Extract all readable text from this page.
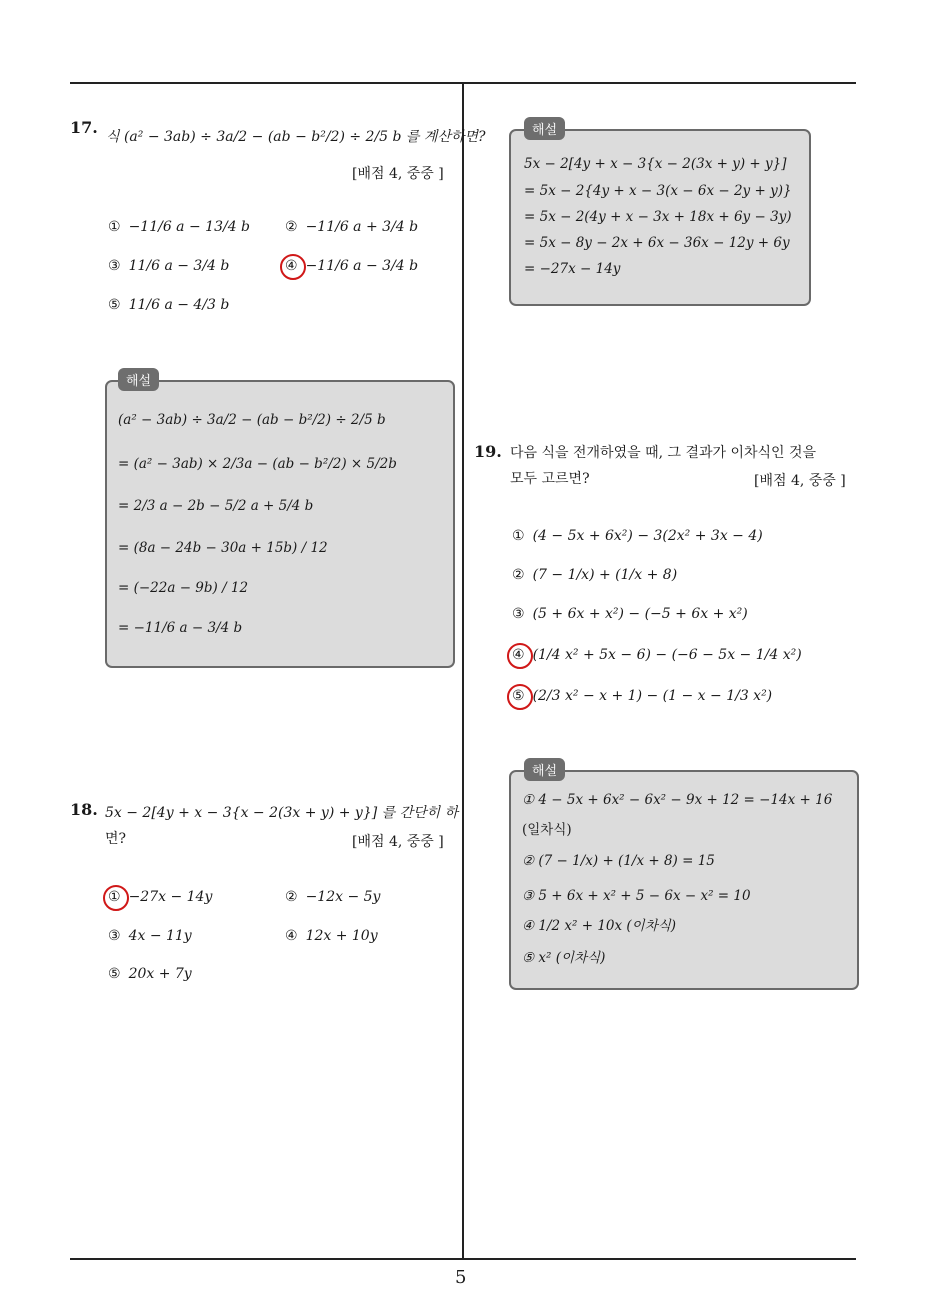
5
17. 식 (a² − 3ab) ÷ 3a/2 − (ab − b²/2) ÷ 2/5 b 를 계산하면?
[배점 4, 중중 ]
① −11/6 a − 13/4 b ② −11/6 a + 3/4 b
③ 11/6 a − 3/4 b	④ −11/6 a − 3/4 b
⑤ 11/6 a − 4/3 b
해설
(a² − 3ab) ÷ 3a/2 − (ab − b²/2) ÷ 2/5 b
= (a² − 3ab) × 2/3a − (ab − b²/2) × 5/2b
= 2/3 a − 2b − 5/2 a + 5/4 b
= (8a − 24b − 30a + 15b) / 12
= (−22a − 9b) / 12
= −11/6 a − 3/4 b
18. 5x − 2[4y + x − 3{x − 2(3x + y) + y}] 를 간단히 하
면?	[배점 4, 중중 ]
① −27x − 14y	② −12x − 5y
③ 4x − 11y	④ 12x + 10y
⑤ 20x + 7y
해설
5x − 2[4y + x − 3{x − 2(3x + y) + y}]
= 5x − 2{4y + x − 3(x − 6x − 2y + y)}
= 5x − 2(4y + x − 3x + 18x + 6y − 3y)
= 5x − 8y − 2x + 6x − 36x − 12y + 6y
= −27x − 14y
19. 다음 식을 전개하였을 때, 그 결과가 이차식인 것을
모두 고르면?	[배점 4, 중중 ]
① (4 − 5x + 6x²) − 3(2x² + 3x − 4)
② (7 − 1/x) + (1/x + 8)
③ (5 + 6x + x²) − (−5 + 6x + x²)
④ (1/4 x² + 5x − 6) − (−6 − 5x − 1/4 x²)
⑤ (2/3 x² − x + 1) − (1 − x − 1/3 x²)
해설
① 4 − 5x + 6x² − 6x² − 9x + 12 = −14x + 16
(일차식)
② (7 − 1/x) + (1/x + 8) = 15
③ 5 + 6x + x² + 5 − 6x − x² = 10
④ 1/2 x² + 10x (이차식)
⑤ x² (이차식)
